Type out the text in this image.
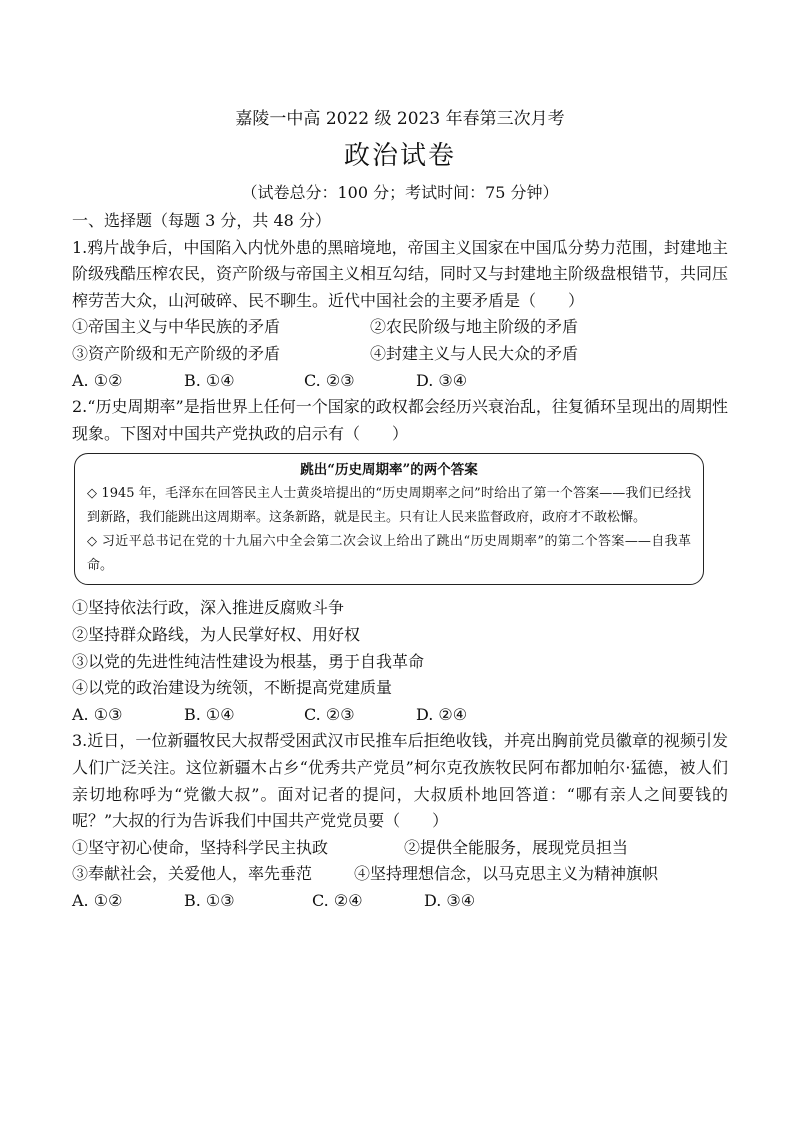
嘉陵一中高 2022 级 2023 年春第三次月考
政治试卷
（试卷总分：100 分；考试时间：75 分钟）
一、选择题（每题 3 分，共 48 分）
1.鸦片战争后，中国陷入内忧外患的黑暗境地，帝国主义国家在中国瓜分势力范围，封建地主阶级残酷压榨农民，资产阶级与帝国主义相互勾结，同时又与封建地主阶级盘根错节，共同压榨劳苦大众，山河破碎、民不聊生。近代中国社会的主要矛盾是（　　）
①帝国主义与中华民族的矛盾	②农民阶级与地主阶级的矛盾
③资产阶级和无产阶级的矛盾	④封建主义与人民大众的矛盾
A. ①②	B. ①④	C. ②③	D. ③④
2.“历史周期率”是指世界上任何一个国家的政权都会经历兴衰治乱，往复循环呈现出的周期性现象。下图对中国共产党执政的启示有（　　）
跳出“历史周期率”的两个答案
◇ 1945 年，毛泽东在回答民主人士黄炎培提出的“历史周期率之问”时给出了第一个答案——我们已经找到新路，我们能跳出这周期率。这条新路，就是民主。只有让人民来监督政府，政府才不敢松懈。
◇ 习近平总书记在党的十九届六中全会第二次会议上给出了跳出“历史周期率”的第二个答案——自我革命。
①坚持依法行政，深入推进反腐败斗争
②坚持群众路线，为人民掌好权、用好权
③以党的先进性纯洁性建设为根基，勇于自我革命
④以党的政治建设为统领，不断提高党建质量
A. ①③	B. ①④	C. ②③	D. ②④
3.近日，一位新疆牧民大叔帮受困武汉市民推车后拒绝收钱，并亮出胸前党员徽章的视频引发人们广泛关注。这位新疆木占乡“优秀共产党员”柯尔克孜族牧民阿布都加帕尔·猛德，被人们亲切地称呼为“党徽大叔”。面对记者的提问，大叔质朴地回答道：“哪有亲人之间要钱的呢？”大叔的行为告诉我们中国共产党党员要（　　）
①坚守初心使命，坚持科学民主执政	②提供全能服务，展现党员担当
③奉献社会，关爱他人，率先垂范	④坚持理想信念，以马克思主义为精神旗帜
A. ①②	B. ①③	C. ②④	D. ③④
